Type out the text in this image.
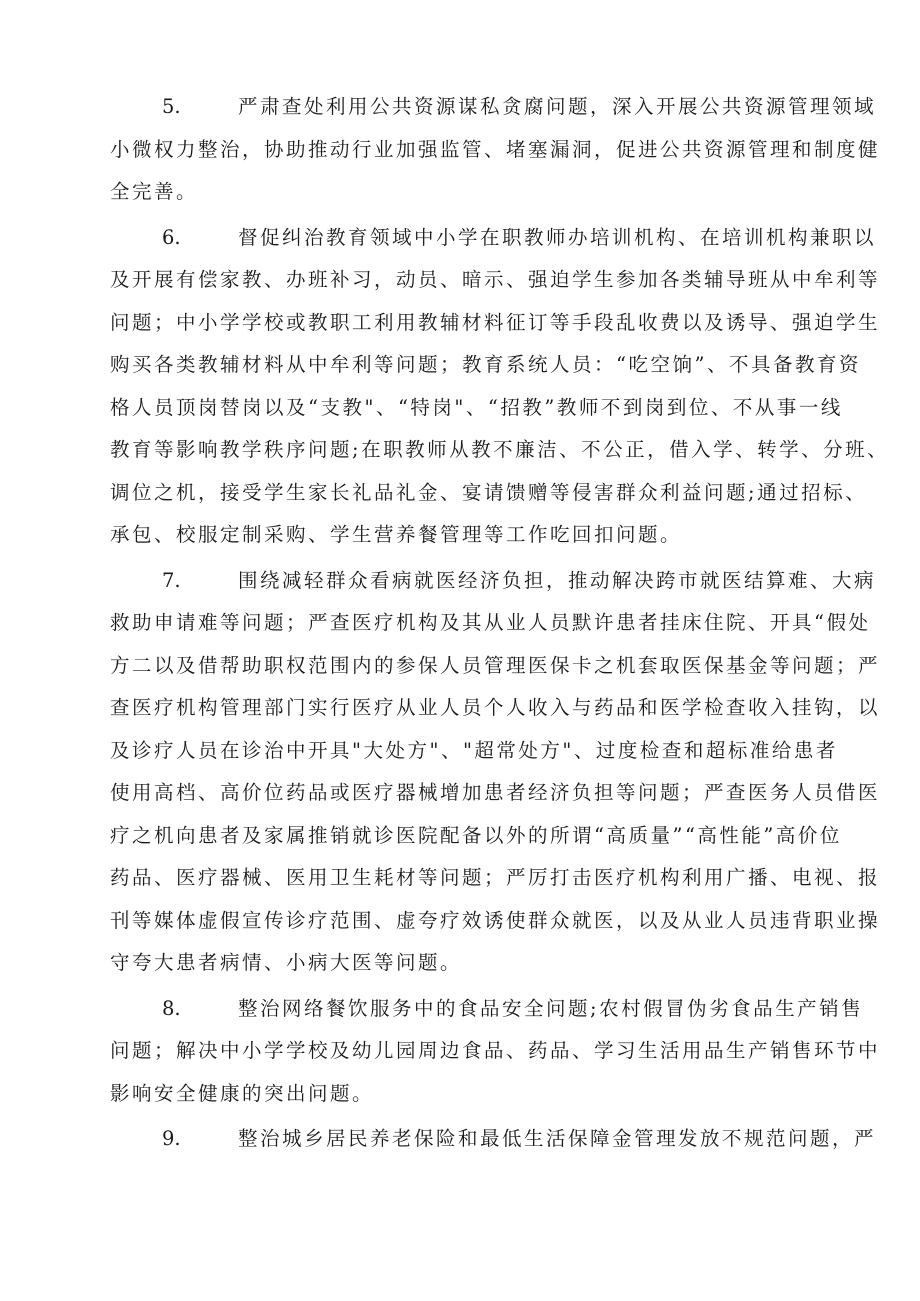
5.	严肃查处利用公共资源谋私贪腐问题，深入开展公共资源管理领域
小微权力整治，协助推动行业加强监管、堵塞漏洞，促进公共资源管理和制度健
全完善。
6.	督促纠治教育领域中小学在职教师办培训机构、在培训机构兼职以
及开展有偿家教、办班补习，动员、暗示、强迫学生参加各类辅导班从中牟利等
问题；中小学学校或教职工利用教辅材料征订等手段乱收费以及诱导、强迫学生
购买各类教辅材料从中牟利等问题；教育系统人员：“吃空饷”、不具备教育资
格人员顶岗替岗以及“支教"、“特岗"、“招教”教师不到岗到位、不从事一线
教育等影响教学秩序问题;在职教师从教不廉洁、不公正，借入学、转学、分班、
调位之机，接受学生家长礼品礼金、宴请馈赠等侵害群众利益问题;通过招标、
承包、校服定制采购、学生营养餐管理等工作吃回扣问题。
7.	围绕减轻群众看病就医经济负担，推动解决跨市就医结算难、大病
救助申请难等问题；严查医疗机构及其从业人员默许患者挂床住院、开具“假处
方二以及借帮助职权范围内的参保人员管理医保卡之机套取医保基金等问题；严
查医疗机构管理部门实行医疗从业人员个人收入与药品和医学检查收入挂钩，以
及诊疗人员在诊治中开具"大处方"、"超常处方"、过度检查和超标准给患者
使用高档、高价位药品或医疗器械增加患者经济负担等问题；严查医务人员借医
疗之机向患者及家属推销就诊医院配备以外的所谓“高质量”“高性能”高价位
药品、医疗器械、医用卫生耗材等问题；严厉打击医疗机构利用广播、电视、报
刊等媒体虚假宣传诊疗范围、虚夸疗效诱使群众就医，以及从业人员违背职业操
守夸大患者病情、小病大医等问题。
8.	整治网络餐饮服务中的食品安全问题;农村假冒伪劣食品生产销售
问题；解决中小学学校及幼儿园周边食品、药品、学习生活用品生产销售环节中
影响安全健康的突出问题。
9.	整治城乡居民养老保险和最低生活保障金管理发放不规范问题，严
